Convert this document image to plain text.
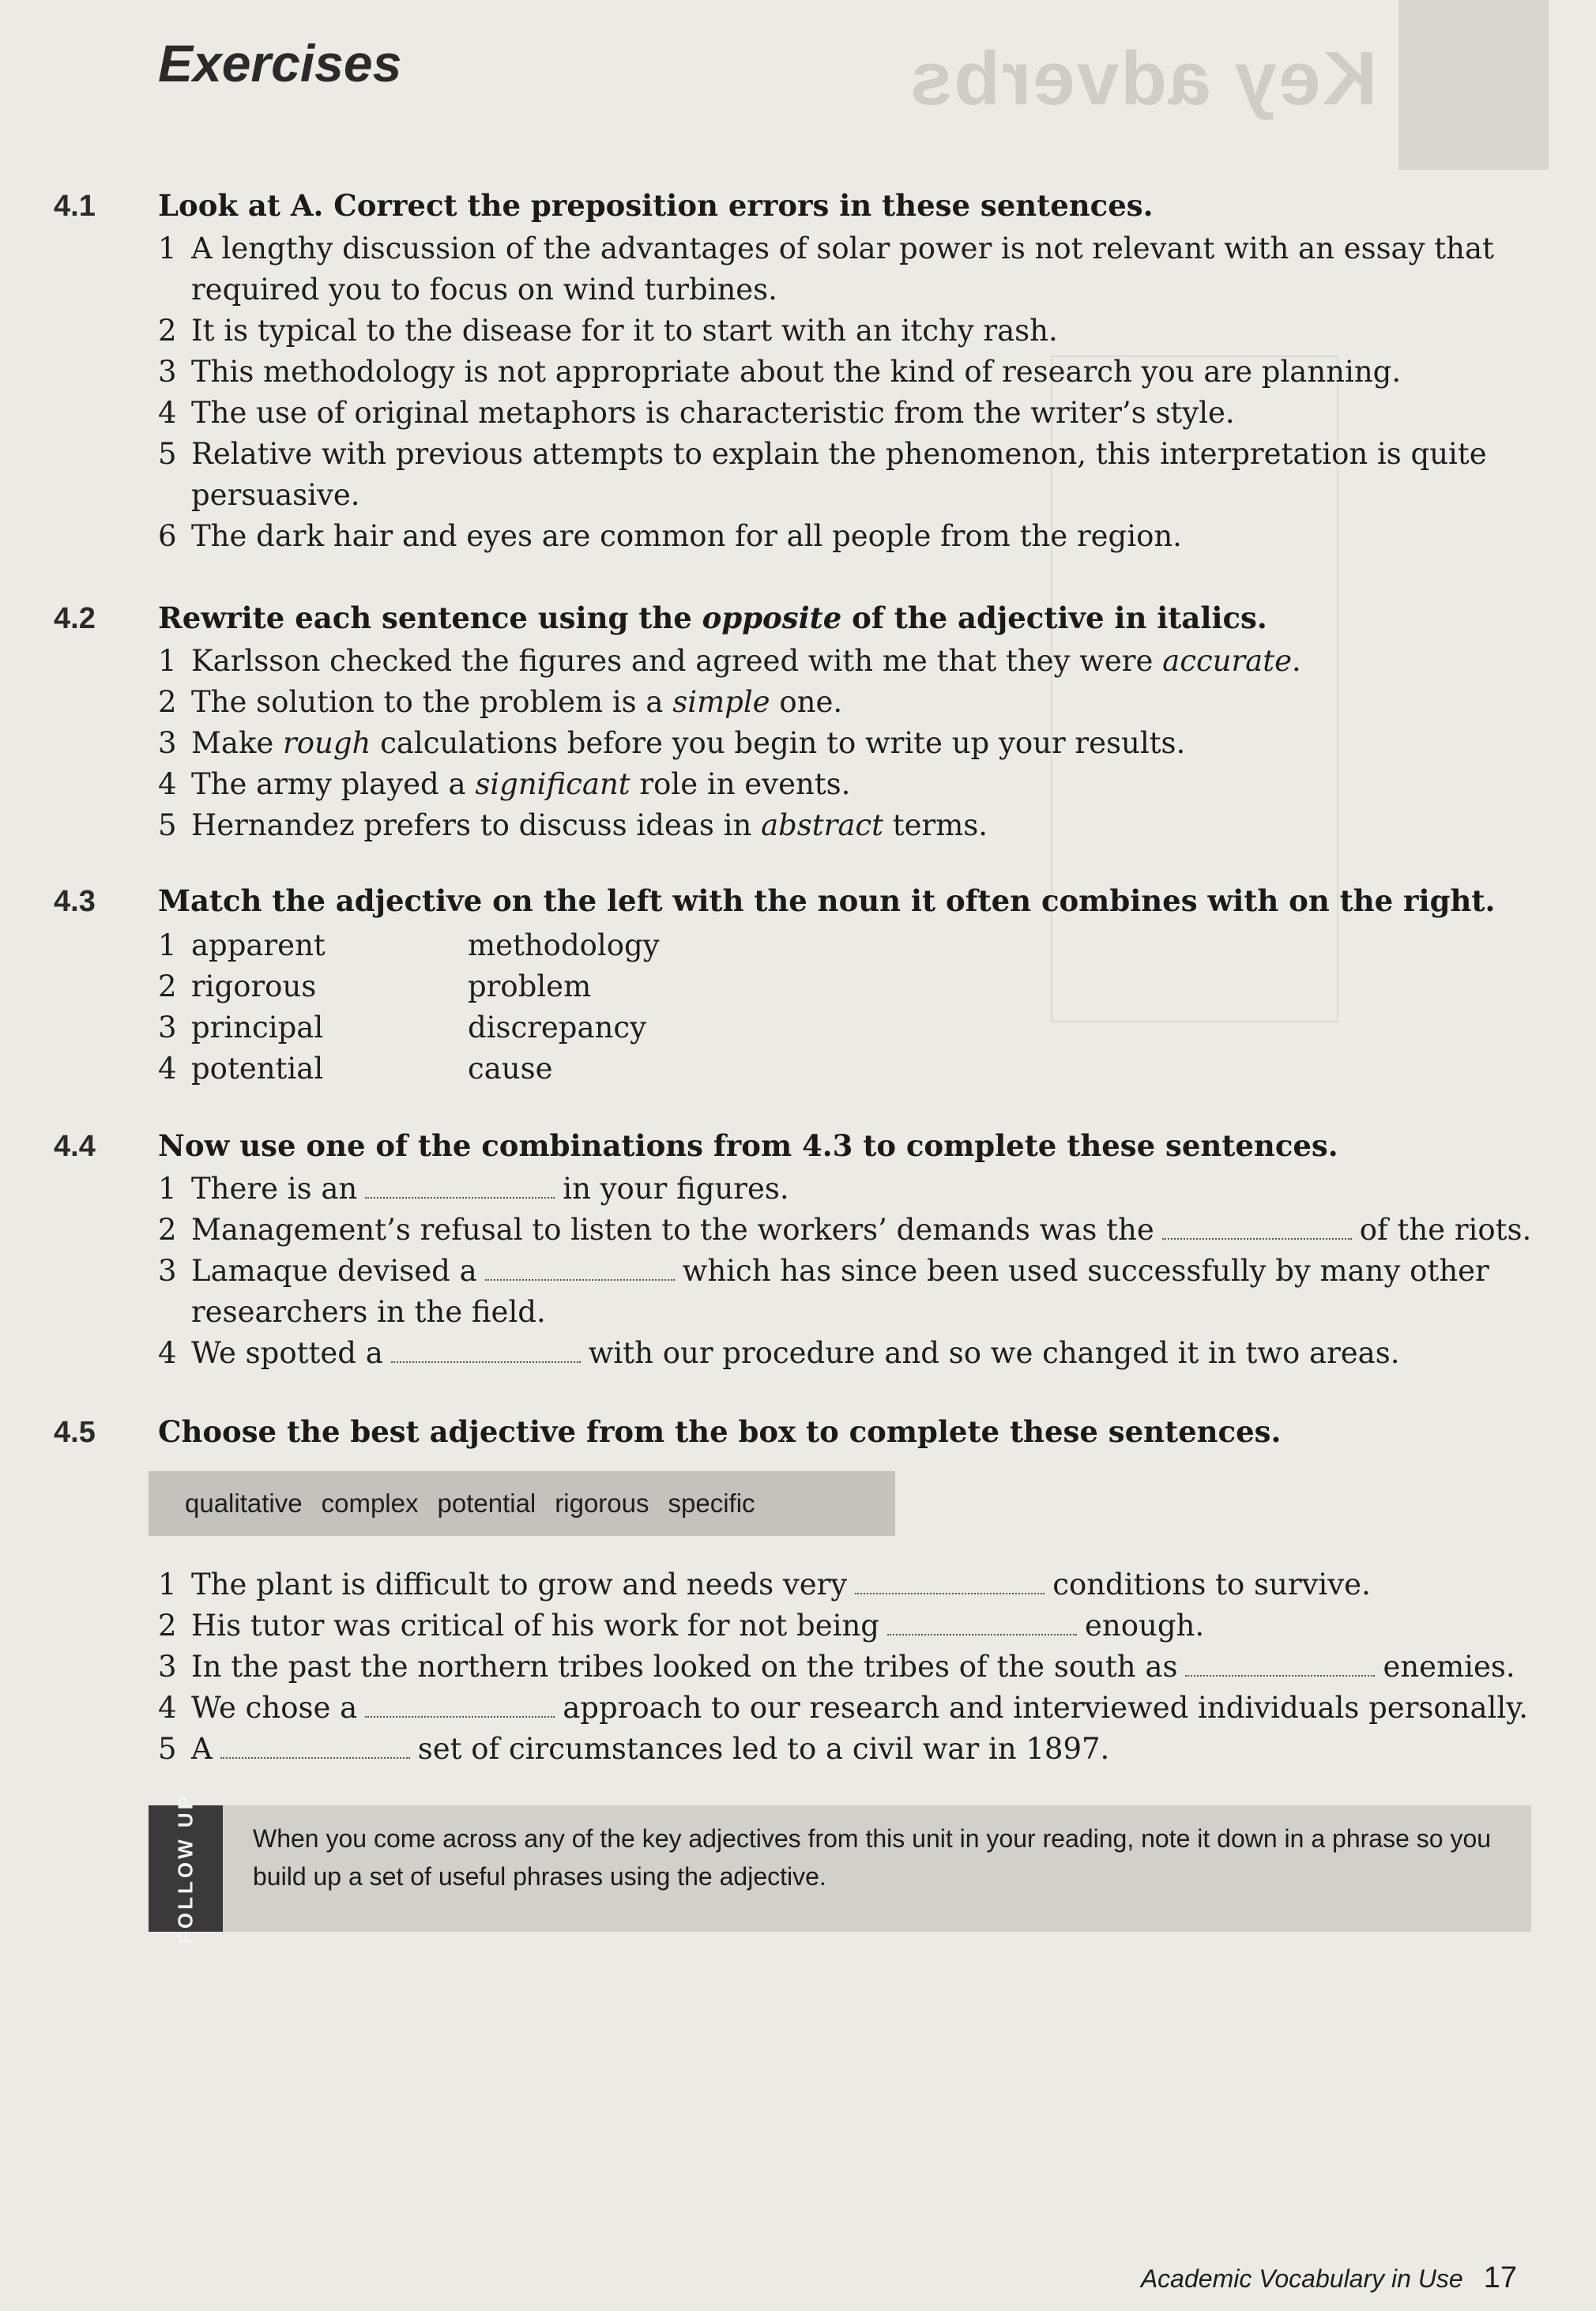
Key adverbs
Exercises
4.1	Look at A. Correct the preposition errors in these sentences.
1 A lengthy discussion of the advantages of solar power is not relevant with an essay that required you to focus on wind turbines.
2 It is typical to the disease for it to start with an itchy rash.
3 This methodology is not appropriate about the kind of research you are planning.
4 The use of original metaphors is characteristic from the writer’s style.
5 Relative with previous attempts to explain the phenomenon, this interpretation is quite persuasive.
6 The dark hair and eyes are common for all people from the region.
4.2	Rewrite each sentence using the opposite of the adjective in italics.
1 Karlsson checked the figures and agreed with me that they were accurate.
2 The solution to the problem is a simple one.
3 Make rough calculations before you begin to write up your results.
4 The army played a significant role in events.
5 Hernandez prefers to discuss ideas in abstract terms.
4.3	Match the adjective on the left with the noun it often combines with on the right.
1 apparent	methodology
2 rigorous	problem
3 principal	discrepancy
4 potential	cause
4.4	Now use one of the combinations from 4.3 to complete these sentences.
1 There is an	in your figures.
2 Management’s refusal to listen to the workers’ demands was the	of the riots.
3 Lamaque devised a	which has since been used successfully by many other researchers in the field.
4 We spotted a	with our procedure and so we changed it in two areas.
4.5	Choose the best adjective from the box to complete these sentences.
qualitative complex potential rigorous specific
1 The plant is difficult to grow and needs very	conditions to survive.
2 His tutor was critical of his work for not being	enough.
3 In the past the northern tribes looked on the tribes of the south as	enemies.
4 We chose a	approach to our research and interviewed individuals personally.
5 A	set of circumstances led to a civil war in 1897.
FOLLOW UP When you come across any of the key adjectives from this unit in your reading, note it down in a phrase so you build up a set of useful phrases using the adjective.
Academic Vocabulary in Use 17
